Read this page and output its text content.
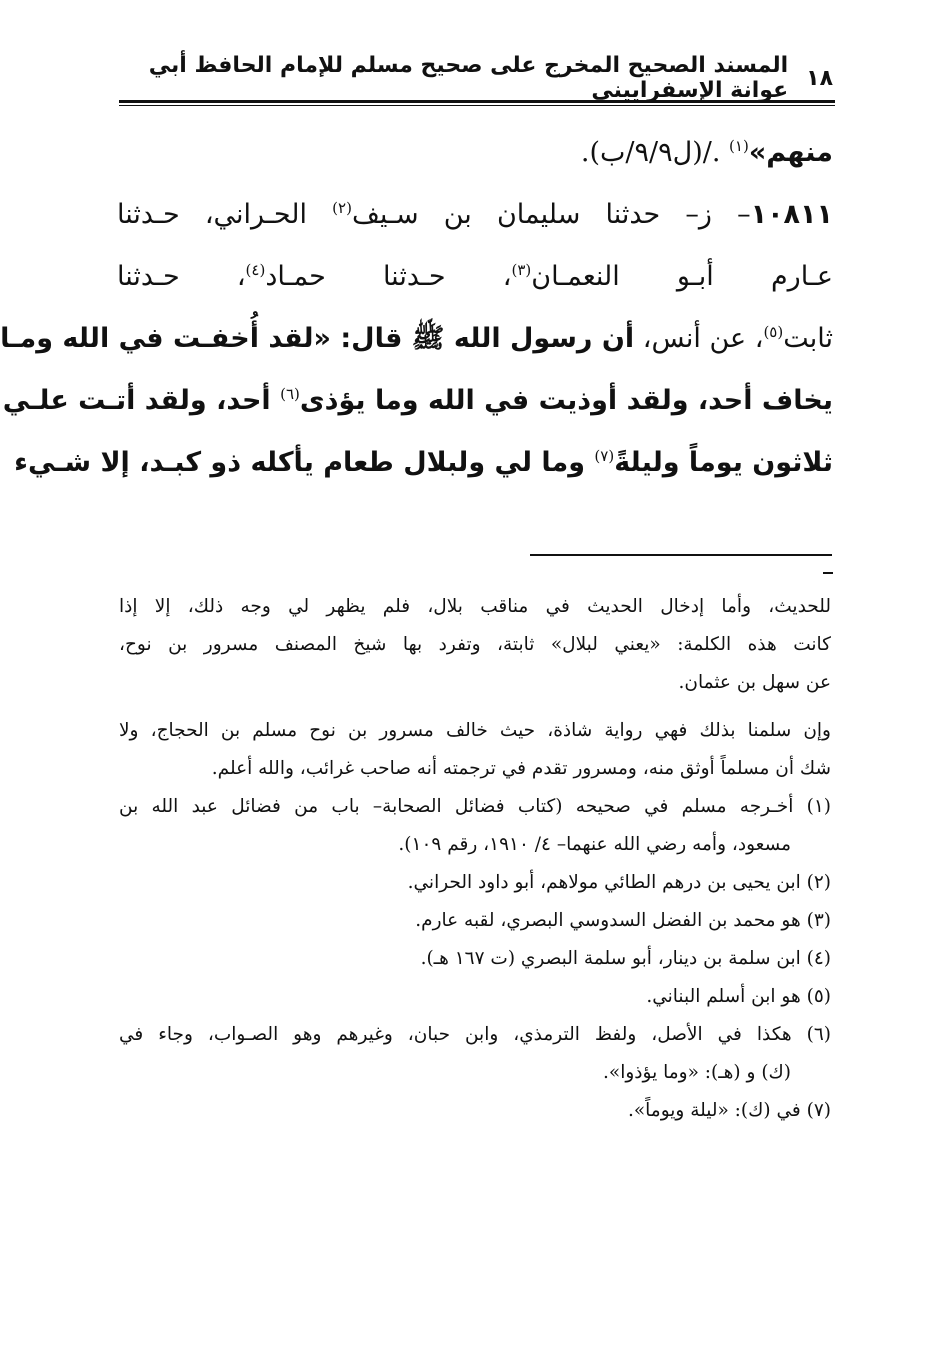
١٨
المسند الصحيح المخرج على صحيح مسلم للإمام الحافظ أبي عوانة الإسفراييني
منهم»$^{(١)}$ ./(ل٩/٩/ب).
١٠٨١١– ز– حدثنا سليمان بن سـيف$^{(٢)}$ الحـراني، حـدثنا
عـارم أبـو النعمـان$^{(٣)}$، حـدثنا حمـاد$^{(٤)}$، حـدثنا
ثابت$^{(٥)}$، عن أنس، أن رسول الله ﷺ قال: «لقد أُخفـت في الله ومـا
يخاف أحد، ولقد أوذيت في الله وما يؤذى$^{(٦)}$ أحد، ولقد أتـت علـي
ثلاثون يوماً وليلةً$^{(٧)}$ وما لي ولبلال طعام يأكله ذو كبـد، إلا شـيء
للحديث، وأما إدخال الحديث في مناقب بلال، فلم يظهر لي وجه ذلك، إلا إذا
كانت هذه الكلمة: «يعني لبلال» ثابتة، وتفرد بها شيخ المصنف مسرور بن نوح،
عن سهل بن عثمان.
وإن سلمنا بذلك فهي رواية شاذة، حيث خالف مسرور بن نوح مسلم بن الحجاج، ولا
شك أن مسلماً أوثق منه، ومسرور تقدم في ترجمته أنه صاحب غرائب، والله أعلم.
(١) أخـرجه مسلم في صحيحه (كتاب فضائل الصحابة– باب من فضائل عبد الله بن
مسعود، وأمه رضي الله عنهما– ٤/ ١٩١٠، رقم ١٠٩).
(٢) ابن يحيى بن درهم الطائي مولاهم، أبو داود الحراني.
(٣) هو محمد بن الفضل السدوسي البصري، لقبه عارم.
(٤) ابن سلمة بن دينار، أبو سلمة البصري (ت ١٦٧ هـ).
(٥) هو ابن أسلم البناني.
(٦) هكذا في الأصل، ولفظ الترمذي، وابن حبان، وغيرهم وهو الصـواب، وجاء في
(ك) و (هـ): «وما يؤذوا».
(٧) في (ك): «ليلة ويوماً».
